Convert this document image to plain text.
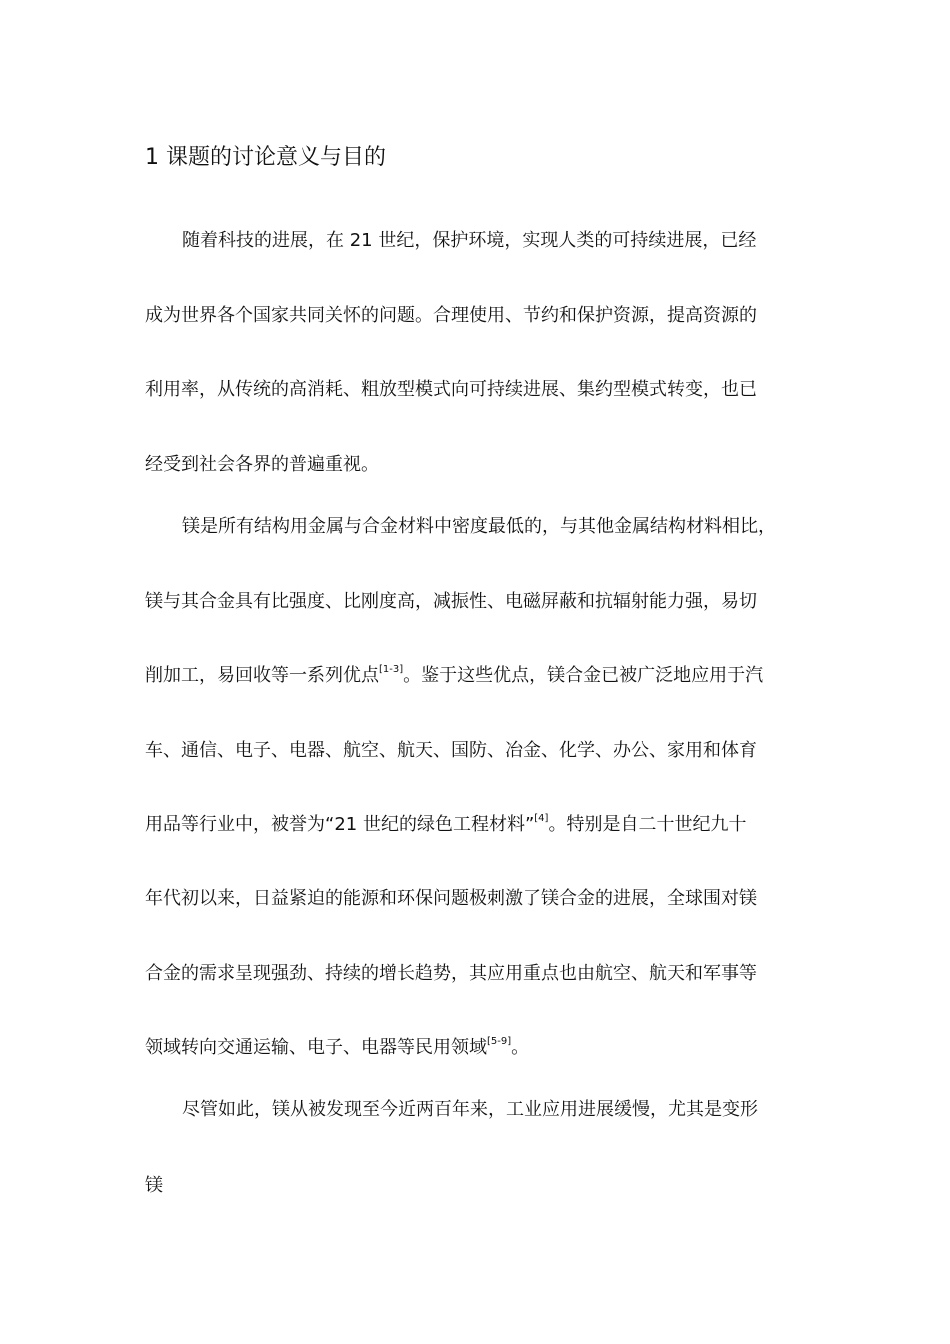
1 课题的讨论意义与目的
随着科技的进展，在 21 世纪，保护环境，实现人类的可持续进展，已经
成为世界各个国家共同关怀的问题。合理使用、节约和保护资源，提高资源的
利用率，从传统的高消耗、粗放型模式向可持续进展、集约型模式转变，也已
经受到社会各界的普遍重视。
镁是所有结构用金属与合金材料中密度最低的，与其他金属结构材料相比，
镁与其合金具有比强度、比刚度高，减振性、电磁屏蔽和抗辐射能力强，易切
削加工，易回收等一系列优点[1-3]。鉴于这些优点，镁合金已被广泛地应用于汽
车、通信、电子、电器、航空、航天、国防、冶金、化学、办公、家用和体育
用品等行业中，被誉为“21 世纪的绿色工程材料”[4]。特别是自二十世纪九十
年代初以来，日益紧迫的能源和环保问题极刺激了镁合金的进展，全球围对镁
合金的需求呈现强劲、持续的增长趋势，其应用重点也由航空、航天和军事等
领域转向交通运输、电子、电器等民用领域[5-9]。
尽管如此，镁从被发现至今近两百年来，工业应用进展缓慢，尤其是变形
镁
